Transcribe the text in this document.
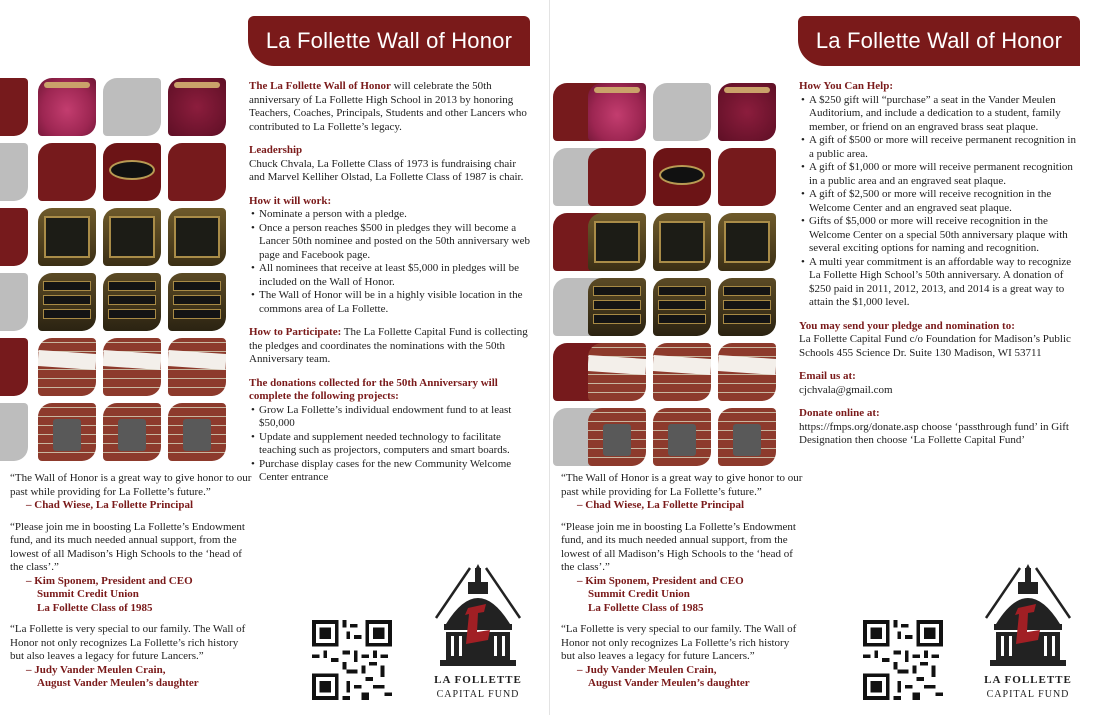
La Follette Wall of Honor

The La Follette Wall of Honor will celebrate the 50th anniversary of La Follette High School in 2013 by honoring Teachers, Coaches, Principals, Students and other Lancers who contributed to La Follette’s legacy.

Leadership

Chuck Chvala, La Follette Class of 1973 is fundraising chair and Marvel Kelliher Olstad, La Follette Class of 1987 is chair.

How it will work:
• Nominate a person with a pledge.
• Once a person reaches $500 in pledges they will become a Lancer 50th nominee and posted on the 50th anniversary web page and Facebook page.
• All nominees that receive at least $5,000 in pledges will be included on the Wall of Honor.
• The Wall of Honor will be in a highly visible location in the commons area of La Follette.

How to Participate: The La Follette Capital Fund is collecting the pledges and coordinates the nominations with the 50th Anniversary team.

The donations collected for the 50th Anniversary will complete the following projects:
• Grow La Follette’s individual endowment fund to at least $50,000
• Update and supplement needed technology to facilitate teaching such as projectors, computers and smart boards.
• Purchase display cases for the new Community Welcome Center entrance

“The Wall of Honor is a great way to give honor to our past while providing for La Follette’s future.”

– Chad Wiese, La Follette Principal

“Please join me in boosting La Follette’s Endowment fund, and its much needed annual support, from the lowest of all Madison’s High Schools to the ‘head of the class’.”

– Kim Sponem, President and CEO
Summit Credit Union
La Follette Class of 1985

“La Follette is very special to our family. The Wall of Honor not only recognizes La Follette’s rich history but also leaves a legacy for future Lancers.”

– Judy Vander Meulen Crain,
August Vander Meulen’s daughter	LA FOLLETTE
CAPITAL FUND
La Follette Wall of Honor
How You Can Help:
• A $250 gift will “purchase” a seat in the Vander Meulen Auditorium, and include a dedication to a student, family member, or friend on an engraved brass seat plaque.
• A gift of $500 or more will receive permanent recognition in a public area.
• A gift of $1,000 or more will receive permanent recognition in a public area and an engraved seat plaque.
• A gift of $2,500 or more will receive recognition in the Welcome Center and an engraved seat plaque.
• Gifts of $5,000 or more will receive recognition in the Welcome Center on a special 50th anniversary plaque with several exciting options for naming and recognition.
• A multi year commitment is an affordable way to recognize La Follette High School’s 50th anniversary. A donation of $250 paid in 2011, 2012, 2013, and 2014 is a great way to attain the $1,000 level.
You may send your pledge and nomination to:

La Follette Capital Fund c/o Foundation for Madison’s Public Schools 455 Science Dr. Suite 130 Madison, WI 53711

Email us at:

cjchvala@gmail.com

Donate online at:

https://fmps.org/donate.asp choose ‘passthrough fund’ in Gift Designation then choose ‘La Follette Capital Fund’

“The Wall of Honor is a great way to give honor to our past while providing for La Follette’s future.”

– Chad Wiese, La Follette Principal

“Please join me in boosting La Follette’s Endowment fund, and its much needed annual support, from the lowest of all Madison’s High Schools to the ‘head of the class’.”

– Kim Sponem, President and CEO
Summit Credit Union
La Follette Class of 1985

“La Follette is very special to our family. The Wall of Honor not only recognizes La Follette’s rich history but also leaves a legacy for future Lancers.”

– Judy Vander Meulen Crain,
August Vander Meulen’s daughter	LA FOLLETTE
CAPITAL FUND
